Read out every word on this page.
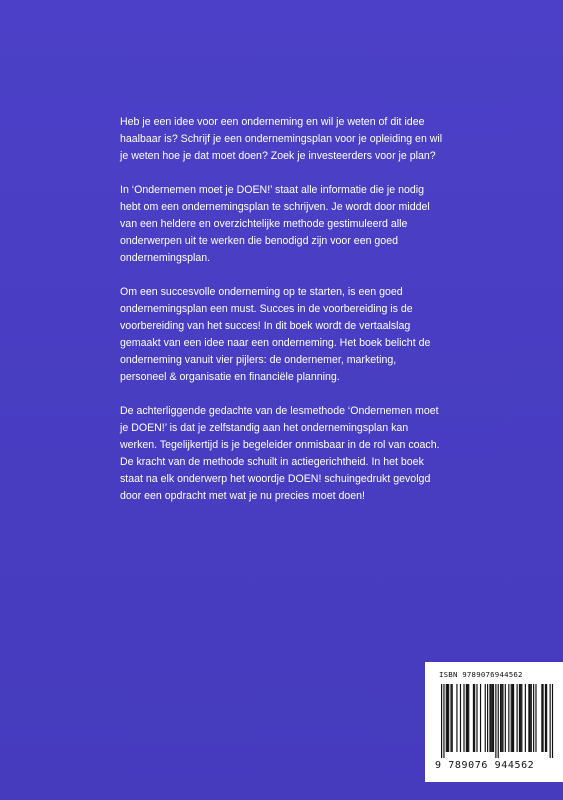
Heb je een idee voor een onderneming en wil je weten of dit idee haalbaar is? Schrijf je een ondernemingsplan voor je opleiding en wil je weten hoe je dat moet doen? Zoek je investeerders voor je plan?

In ‘Ondernemen moet je DOEN!’ staat alle informatie die je nodig hebt om een ondernemingsplan te schrijven. Je wordt door middel van een heldere en overzichtelijke methode gestimuleerd alle onderwerpen uit te werken die benodigd zijn voor een goed ondernemingsplan.

Om een succesvolle onderneming op te starten, is een goed ondernemingsplan een must. Succes in de voorbereiding is de voorbereiding van het succes! In dit boek wordt de vertaalslag gemaakt van een idee naar een onderneming. Het boek belicht de onderneming vanuit vier pijlers: de ondernemer, marketing, personeel & organisatie en financiële planning.

De achterliggende gedachte van de lesmethode ‘Ondernemen moet je DOEN!’ is dat je zelfstandig aan het ondernemingsplan kan werken. Tegelijkertijd is je begeleider onmisbaar in de rol van coach. De kracht van de methode schuilt in actiegerichtheid. In het boek staat na elk onderwerp het woordje DOEN! schuingedrukt gevolgd door een opdracht met wat je nu precies moet doen!

ISBN 9789076944562
9 789076 944562
